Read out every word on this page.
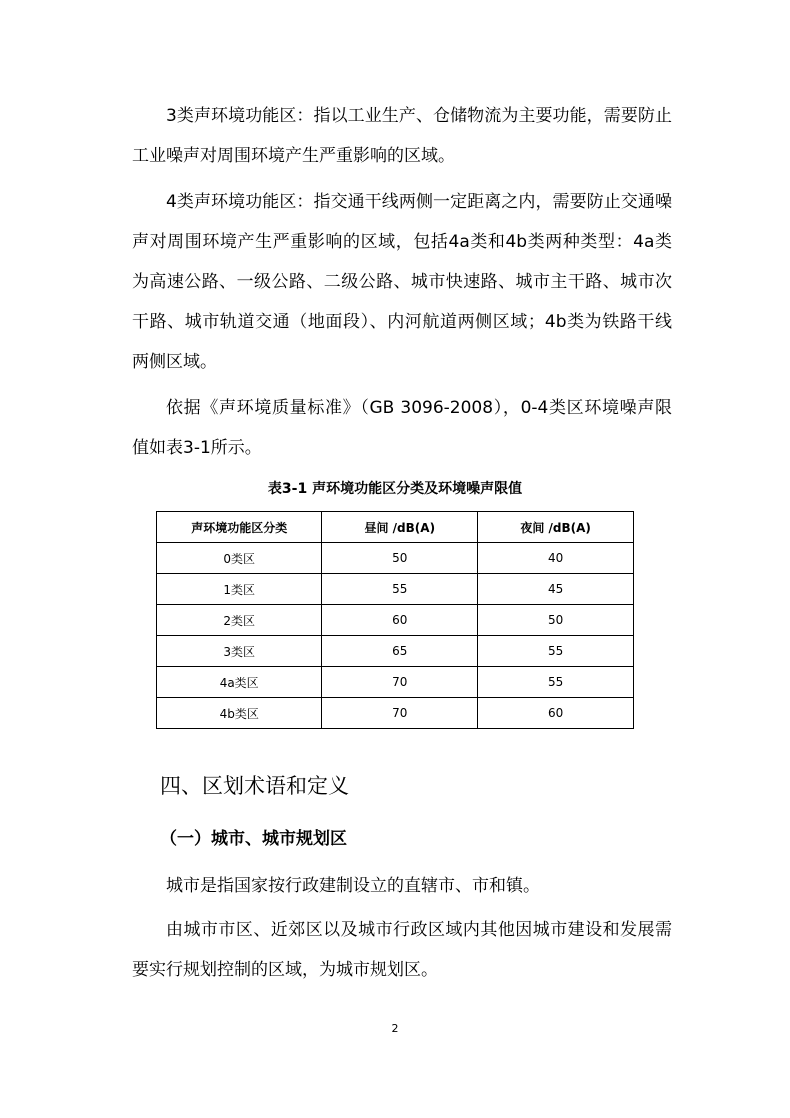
3类声环境功能区：指以工业生产、仓储物流为主要功能，需要防止工业噪声对周围环境产生严重影响的区域。

4类声环境功能区：指交通干线两侧一定距离之内，需要防止交通噪声对周围环境产生严重影响的区域，包括4a类和4b类两种类型：4a类为高速公路、一级公路、二级公路、城市快速路、城市主干路、城市次干路、城市轨道交通（地面段）、内河航道两侧区域；4b类为铁路干线两侧区域。

依据《声环境质量标准》（GB 3096-2008），0-4类区环境噪声限值如表3-1所示。

表3-1 声环境功能区分类及环境噪声限值

声环境功能区分类	昼间 /dB(A)	夜间 /dB(A)
0类区	50	40
1类区	55	45
2类区	60	50
3类区	65	55
4a类区	70	55
4b类区	70	60
四、区划术语和定义
（一）城市、城市规划区

城市是指国家按行政建制设立的直辖市、市和镇。

由城市市区、近郊区以及城市行政区域内其他因城市建设和发展需要实行规划控制的区域，为城市规划区。

2
